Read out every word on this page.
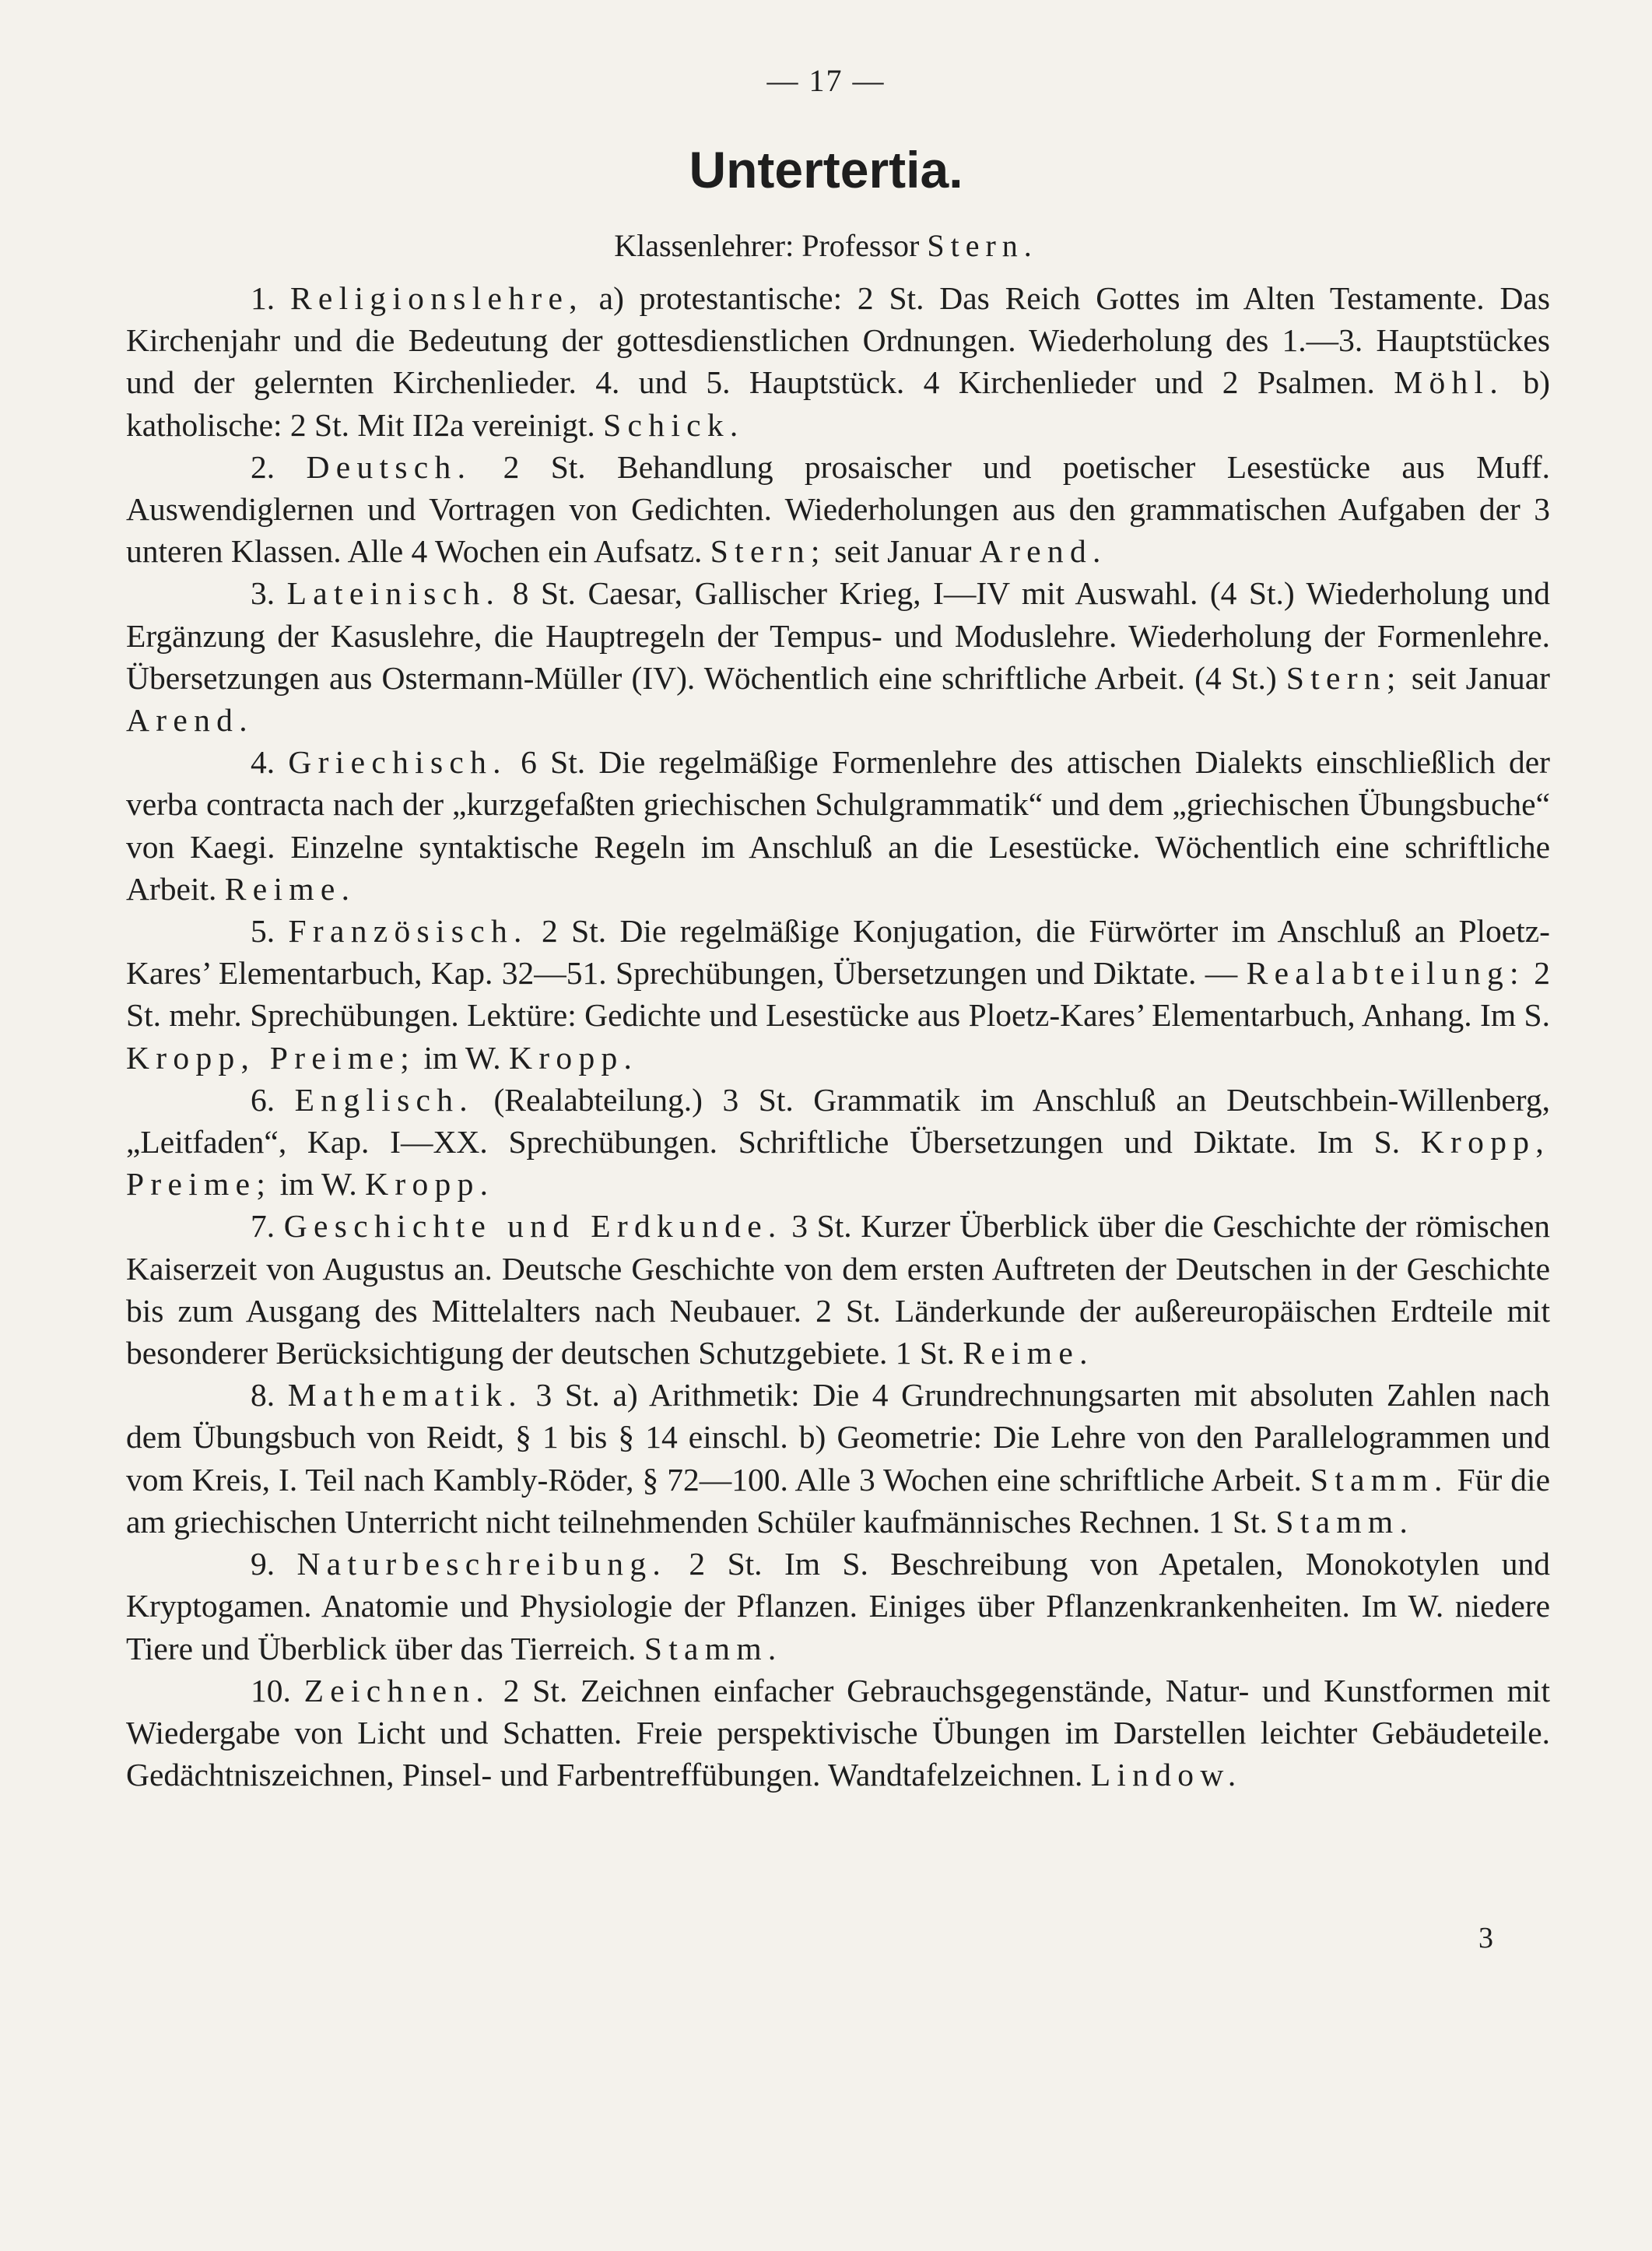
— 17 —
Untertertia.
Klassenlehrer: Professor Stern.

1. Religionslehre, a) protestantische: 2 St. Das Reich Gottes im Alten Testamente. Das Kirchenjahr und die Bedeutung der gottesdienstlichen Ordnungen. Wiederholung des 1.—3. Hauptstückes und der gelernten Kirchenlieder. 4. und 5. Hauptstück. 4 Kirchenlieder und 2 Psalmen. Möhl. b) katholische: 2 St. Mit II2a vereinigt. Schick.

2. Deutsch. 2 St. Behandlung prosaischer und poetischer Lesestücke aus Muff. Auswendiglernen und Vortragen von Gedichten. Wiederholungen aus den grammatischen Aufgaben der 3 unteren Klassen. Alle 4 Wochen ein Aufsatz. Stern; seit Januar Arend.

3. Lateinisch. 8 St. Caesar, Gallischer Krieg, I—IV mit Auswahl. (4 St.) Wiederholung und Ergänzung der Kasuslehre, die Hauptregeln der Tempus- und Moduslehre. Wiederholung der Formenlehre. Übersetzungen aus Ostermann-Müller (IV). Wöchentlich eine schriftliche Arbeit. (4 St.) Stern; seit Januar Arend.

4. Griechisch. 6 St. Die regelmäßige Formenlehre des attischen Dialekts einschließlich der verba contracta nach der „kurzgefaßten griechischen Schulgrammatik“ und dem „griechischen Übungsbuche“ von Kaegi. Einzelne syntaktische Regeln im Anschluß an die Lesestücke. Wöchentlich eine schriftliche Arbeit. Reime.

5. Französisch. 2 St. Die regelmäßige Konjugation, die Fürwörter im Anschluß an Ploetz-Kares’ Elementarbuch, Kap. 32—51. Sprechübungen, Übersetzungen und Diktate. — Realabteilung: 2 St. mehr. Sprechübungen. Lektüre: Gedichte und Lesestücke aus Ploetz-Kares’ Elementarbuch, Anhang. Im S. Kropp, Preime; im W. Kropp.

6. Englisch. (Realabteilung.) 3 St. Grammatik im Anschluß an Deutschbein-Willenberg, „Leitfaden“, Kap. I—XX. Sprechübungen. Schriftliche Übersetzungen und Diktate. Im S. Kropp, Preime; im W. Kropp.

7. Geschichte und Erdkunde. 3 St. Kurzer Überblick über die Geschichte der römischen Kaiserzeit von Augustus an. Deutsche Geschichte von dem ersten Auftreten der Deutschen in der Geschichte bis zum Ausgang des Mittelalters nach Neubauer. 2 St. Länderkunde der außereuropäischen Erdteile mit besonderer Berücksichtigung der deutschen Schutzgebiete. 1 St. Reime.

8. Mathematik. 3 St. a) Arithmetik: Die 4 Grundrechnungsarten mit absoluten Zahlen nach dem Übungsbuch von Reidt, § 1 bis § 14 einschl. b) Geometrie: Die Lehre von den Parallelogrammen und vom Kreis, I. Teil nach Kambly-Röder, § 72—100. Alle 3 Wochen eine schriftliche Arbeit. Stamm. Für die am griechischen Unterricht nicht teilnehmenden Schüler kaufmännisches Rechnen. 1 St. Stamm.

9. Naturbeschreibung. 2 St. Im S. Beschreibung von Apetalen, Monokotylen und Kryptogamen. Anatomie und Physiologie der Pflanzen. Einiges über Pflanzenkrankenheiten. Im W. niedere Tiere und Überblick über das Tierreich. Stamm.

10. Zeichnen. 2 St. Zeichnen einfacher Gebrauchsgegenstände, Natur- und Kunstformen mit Wiedergabe von Licht und Schatten. Freie perspektivische Übungen im Darstellen leichter Gebäudeteile. Gedächtniszeichnen, Pinsel- und Farbentreffübungen. Wandtafelzeichnen. Lindow.

3
